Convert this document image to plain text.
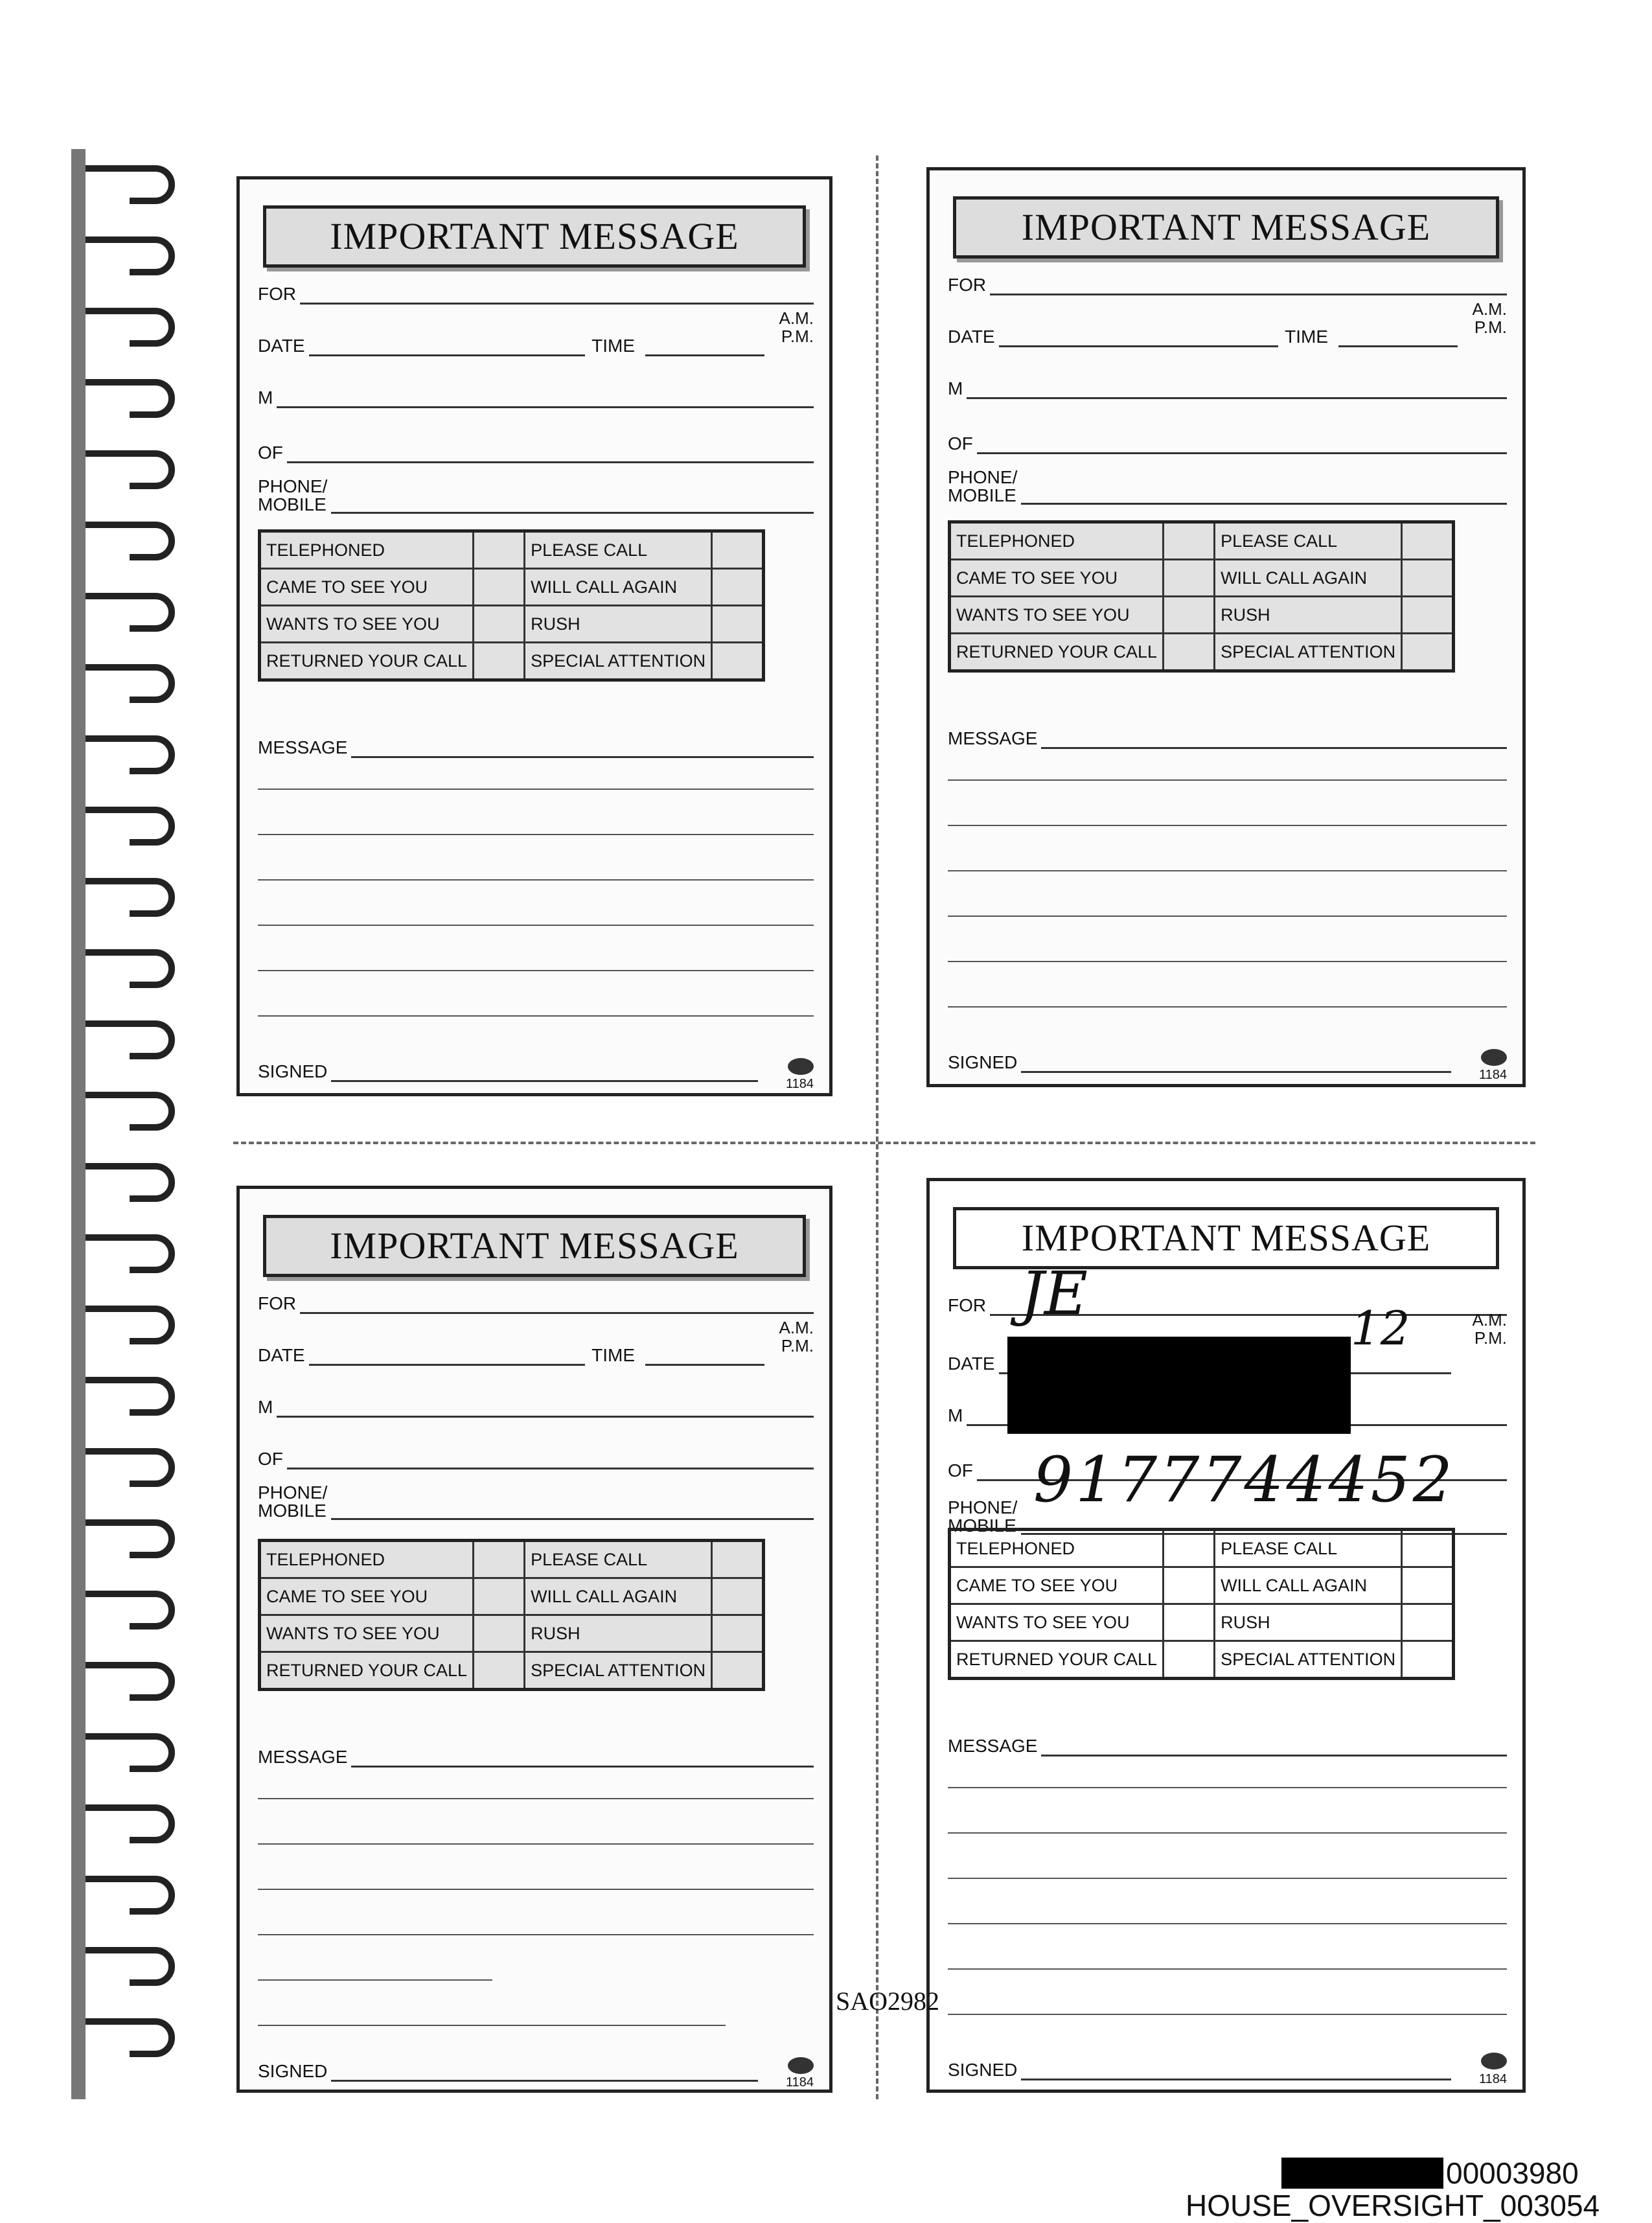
IMPORTANT MESSAGE
FOR
A.M.
P.M.
DATE	TIME
M
OF
PHONE/
MOBILE
TELEPHONED		PLEASE CALL	
CAME TO SEE YOU		WILL CALL AGAIN	
WANTS TO SEE YOU		RUSH	
RETURNED YOUR CALL		SPECIAL ATTENTION	
MESSAGE
SIGNED
1184
IMPORTANT MESSAGE
FOR
A.M.
P.M.
DATE	TIME
M
OF
PHONE/
MOBILE
TELEPHONED		PLEASE CALL	
CAME TO SEE YOU		WILL CALL AGAIN	
WANTS TO SEE YOU		RUSH	
RETURNED YOUR CALL		SPECIAL ATTENTION	
MESSAGE
SIGNED
1184
IMPORTANT MESSAGE
FOR
A.M.
P.M.
DATE	TIME
M
OF
PHONE/
MOBILE
TELEPHONED		PLEASE CALL	
CAME TO SEE YOU		WILL CALL AGAIN	
WANTS TO SEE YOU		RUSH	
RETURNED YOUR CALL		SPECIAL ATTENTION	
MESSAGE
SIGNED
1184
IMPORTANT MESSAGE
FOR JE	A.M.
P.M.
DATE
12
M
OF
PHONE/
MOBILE
9177744452
TELEPHONED		PLEASE CALL	
CAME TO SEE YOU		WILL CALL AGAIN	
WANTS TO SEE YOU		RUSH	
RETURNED YOUR CALL		SPECIAL ATTENTION	
MESSAGE
SIGNED	1184
SAO2982
00003980
HOUSE_OVERSIGHT_003054
